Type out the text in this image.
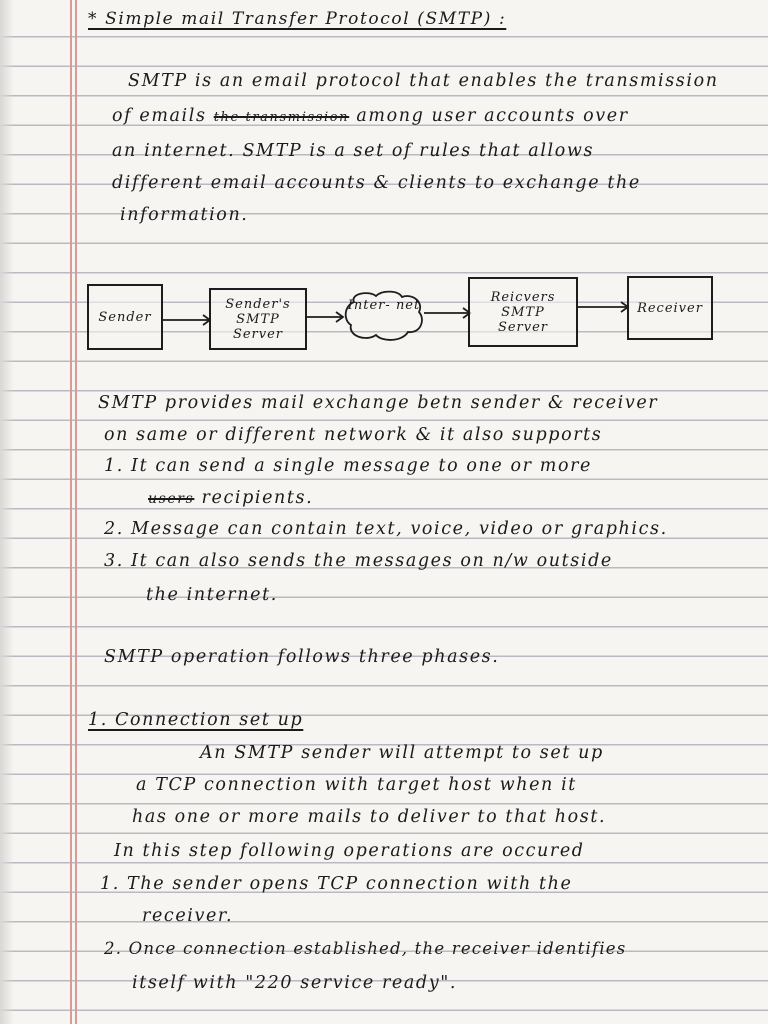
* Simple mail Transfer Protocol (SMTP) :
SMTP is an email protocol that enables the transmission
of emails the transmission among user accounts over
an internet. SMTP is a set of rules that allows
different email accounts & clients to exchange the
information.
Sender
Sender's
SMTP
Server
Inter- net
Reicvers
SMTP
Server
Receiver
SMTP provides mail exchange betn sender & receiver
on same or different network & it also supports
1. It can send a single message to one or more
users recipients.
2. Message can contain text, voice, video or graphics.
3. It can also sends the messages on n/w outside
the internet.
SMTP operation follows three phases.
1. Connection set up
An SMTP sender will attempt to set up
a TCP connection with target host when it
has one or more mails to deliver to that host.
In this step following operations are occured
1. The sender opens TCP connection with the
receiver.
2. Once connection established, the receiver identifies
itself with "220 service ready".
